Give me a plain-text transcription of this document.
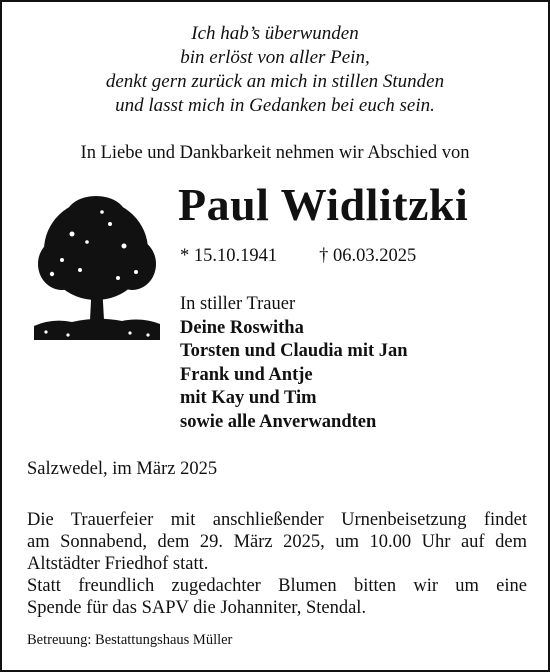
Ich hab’s überwunden
bin erlöst von aller Pein,
denkt gern zurück an mich in stillen Stunden
und lasst mich in Gedanken bei euch sein.
In Liebe und Dankbarkeit nehmen wir Abschied von
Paul Widlitzki
* 15.10.1941 † 06.03.2025
In stiller Trauer
Deine Roswitha
Torsten und Claudia mit Jan
Frank und Antje
mit Kay und Tim
sowie alle Anverwandten
Salzwedel, im März 2025

Die Trauerfeier mit anschließender Urnenbeisetzung findet

am Sonnabend, dem 29. März 2025, um 10.00 Uhr auf dem

Altstädter Friedhof statt.

Statt freundlich zugedachter Blumen bitten wir um eine

Spende für das SAPV die Johanniter, Stendal.

Betreuung: Bestattungshaus Müller
